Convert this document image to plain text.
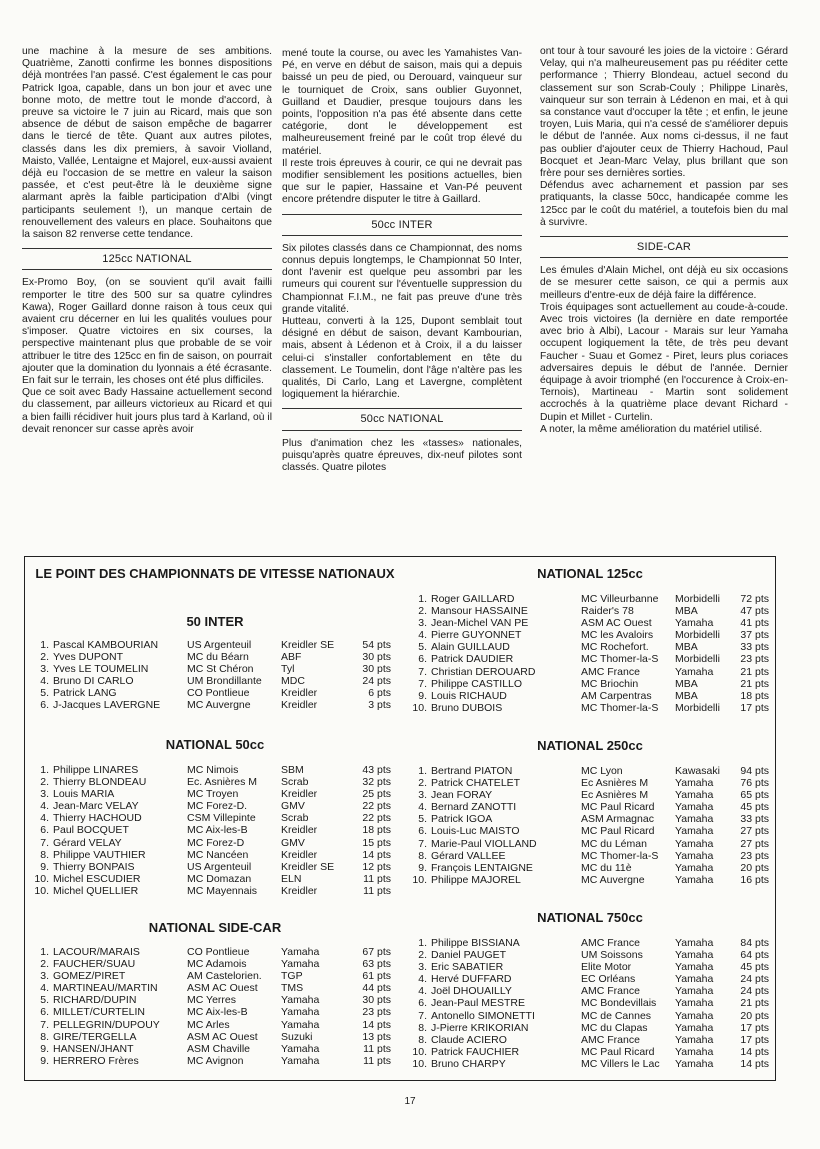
une machine à la mesure de ses ambitions. Quatrième, Zanotti confirme les bonnes dispositions déjà montrées l'an passé. C'est également le cas pour Patrick Igoa, capable, dans un bon jour et avec une bonne moto, de mettre tout le monde d'accord, à preuve sa victoire le 7 juin au Ricard, mais que son absence de début de saison empêche de bagarrer dans le tiercé de tête. Quant aux autres pilotes, classés dans les dix premiers, à savoir Violland, Maisto, Vallée, Lentaigne et Majorel, eux-aussi avaient déjà eu l'occasion de se mettre en valeur la saison passée, et c'est peut-être là le deuxième signe alarmant après la faible participation d'Albi (vingt participants seulement !), un manque certain de renouvellement des valeurs en place. Souhaitons que la saison 82 renverse cette tendance.

125cc NATIONAL

Ex-Promo Boy, (on se souvient qu'il avait failli remporter le titre des 500 sur sa quatre cylindres Kawa), Roger Gaillard donne raison à tous ceux qui avaient cru décerner en lui les qualités voulues pour s'imposer. Quatre victoires en six courses, la perspective maintenant plus que probable de se voir attribuer le titre des 125cc en fin de saison, on pourrait ajouter que la domination du lyonnais a été écrasante. En fait sur le terrain, les choses ont été plus difficiles.

Que ce soit avec Bady Hassaine actuellement second du classement, par ailleurs victorieux au Ricard et qui a bien failli récidiver huit jours plus tard à Karland, où il devait renoncer sur casse après avoir

mené toute la course, ou avec les Yamahistes Van-Pé, en verve en début de saison, mais qui a depuis baissé un peu de pied, ou Derouard, vainqueur sur le tourniquet de Croix, sans oublier Guyonnet, Guilland et Daudier, presque toujours dans les points, l'opposition n'a pas été absente dans cette catégorie, dont le développement est malheureusement freiné par le coût trop élevé du matériel.

Il reste trois épreuves à courir, ce qui ne devrait pas modifier sensiblement les positions actuelles, bien que sur le papier, Hassaine et Van-Pé peuvent encore prétendre disputer le titre à Gaillard.

50cc INTER

Six pilotes classés dans ce Championnat, des noms connus depuis longtemps, le Championnat 50 Inter, dont l'avenir est quelque peu assombri par les rumeurs qui courent sur l'éventuelle suppression du Championnat F.I.M., ne fait pas preuve d'une très grande vitalité.

Hutteau, converti à la 125, Dupont semblait tout désigné en début de saison, devant Kambourian, mais, absent à Lédenon et à Croix, il a du laisser celui-ci s'installer confortablement en tête du classement. Le Toumelin, dont l'âge n'altère pas les qualités, Di Carlo, Lang et Lavergne, complètent logiquement la hiérarchie.

50cc NATIONAL

Plus d'animation chez les «tasses» nationales, puisqu'après quatre épreuves, dix-neuf pilotes sont classés. Quatre pilotes

ont tour à tour savouré les joies de la victoire : Gérard Velay, qui n'a malheureusement pas pu rééditer cette performance ; Thierry Blondeau, actuel second du classement sur son Scrab-Couly ; Philippe Linarès, vainqueur sur son terrain à Lédenon en mai, et à qui sa constance vaut d'occuper la tête ; et enfin, le jeune troyen, Luis Maria, qui n'a cessé de s'améliorer depuis le début de l'année. Aux noms ci-dessus, il ne faut pas oublier d'ajouter ceux de Thierry Hachoud, Paul Bocquet et Jean-Marc Velay, plus brillant que son frère pour ses dernières sorties.

Défendus avec acharnement et passion par ses pratiquants, la classe 50cc, handicapée comme les 125cc par le coût du matériel, a toutefois bien du mal à survivre.

SIDE-CAR

Les émules d'Alain Michel, ont déjà eu six occasions de se mesurer cette saison, ce qui a permis aux meilleurs d'entre-eux de déjà faire la différence.

Trois équipages sont actuellement au coude-à-coude. Avec trois victoires (la dernière en date remportée avec brio à Albi), Lacour - Marais sur leur Yamaha occupent logiquement la tête, de très peu devant Faucher - Suau et Gomez - Piret, leurs plus coriaces adversaires depuis le début de l'année. Dernier équipage à avoir triomphé (en l'occurence à Croix-en-Ternois), Martineau - Martin sont solidement accrochés à la quatrième place devant Richard - Dupin et Millet - Curtelin.

A noter, la même amélioration du matériel utilisé.

LE POINT DES CHAMPIONNATS DE VITESSE NATIONAUX
50 INTER
1. Pascal KAMBOURIAN	US Argenteuil	Kreidler SE	54 pts
2. Yves DUPONT	MC du Béarn	ABF	30 pts
3. Yves LE TOUMELIN	MC St Chéron	Tyl	30 pts
4. Bruno DI CARLO	UM Brondillante	MDC	24 pts
5. Patrick LANG	CO Pontlieue	Kreidler	6 pts
6. J-Jacques LAVERGNE	MC Auvergne	Kreidler	3 pts
NATIONAL 50cc
1. Philippe LINARES	MC Nimois	SBM	43 pts
2. Thierry BLONDEAU	Ec. Asnières M	Scrab	32 pts
3. Louis MARIA	MC Troyen	Kreidler	25 pts
4. Jean-Marc VELAY	MC Forez-D.	GMV	22 pts
4. Thierry HACHOUD	CSM Villepinte	Scrab	22 pts
6. Paul BOCQUET	MC Aix-les-B	Kreidler	18 pts
7. Gérard VELAY	MC Forez-D	GMV	15 pts
8. Philippe VAUTHIER	MC Nancéen	Kreidler	14 pts
9. Thierry BONPAIS	US Argenteuil	Kreidler SE	12 pts
10. Michel ESCUDIER	MC Domazan	ELN	11 pts
10. Michel QUELLIER	MC Mayennais	Kreidler	11 pts
NATIONAL SIDE-CAR
1. LACOUR/MARAIS	CO Pontlieue	Yamaha	67 pts
2. FAUCHER/SUAU	MC Adamois	Yamaha	63 pts
3. GOMEZ/PIRET	AM Castelorien.	TGP	61 pts
4. MARTINEAU/MARTIN	ASM AC Ouest	TMS	44 pts
5. RICHARD/DUPIN	MC Yerres	Yamaha	30 pts
6. MILLET/CURTELIN	MC Aix-les-B	Yamaha	23 pts
7. PELLEGRIN/DUPOUY	MC Arles	Yamaha	14 pts
8. GIRE/TERGELLA	ASM AC Ouest	Suzuki	13 pts
9. HANSEN/JHANT	ASM Chaville	Yamaha	11 pts
9. HERRERO Frères	MC Avignon	Yamaha	11 pts
NATIONAL 125cc
1. Roger GAILLARD	MC Villeurbanne	Morbidelli	72 pts
2. Mansour HASSAINE	Raider's 78	MBA	47 pts
3. Jean-Michel VAN PE	ASM AC Ouest	Yamaha	41 pts
4. Pierre GUYONNET	MC les Avaloirs	Morbidelli	37 pts
5. Alain GUILLAUD	MC Rochefort.	MBA	33 pts
6. Patrick DAUDIER	MC Thomer-la-S	Morbidelli	23 pts
7. Christian DEROUARD	AMC France	Yamaha	21 pts
7. Philippe CASTILLO	MC Briochin	MBA	21 pts
9. Louis RICHAUD	AM Carpentras	MBA	18 pts
10. Bruno DUBOIS	MC Thomer-la-S	Morbidelli	17 pts
NATIONAL 250cc
1. Bertrand PIATON	MC Lyon	Kawasaki	94 pts
2. Patrick CHATELET	Ec Asnières M	Yamaha	76 pts
3. Jean FORAY	Ec Asnières M	Yamaha	65 pts
4. Bernard ZANOTTI	MC Paul Ricard	Yamaha	45 pts
5. Patrick IGOA	ASM Armagnac	Yamaha	33 pts
6. Louis-Luc MAISTO	MC Paul Ricard	Yamaha	27 pts
7. Marie-Paul VIOLLAND	MC du Léman	Yamaha	27 pts
8. Gérard VALLEE	MC Thomer-la-S	Yamaha	23 pts
9. François LENTAIGNE	MC du 11è	Yamaha	20 pts
10. Philippe MAJOREL	MC Auvergne	Yamaha	16 pts
NATIONAL 750cc
1. Philippe BISSIANA	AMC France	Yamaha	84 pts
2. Daniel PAUGET	UM Soissons	Yamaha	64 pts
3. Eric SABATIER	Elite Motor	Yamaha	45 pts
4. Hervé DUFFARD	EC Orléans	Yamaha	24 pts
4. Joël DHOUAILLY	AMC France	Yamaha	24 pts
6. Jean-Paul MESTRE	MC Bondevillais	Yamaha	21 pts
7. Antonello SIMONETTI	MC de Cannes	Yamaha	20 pts
8. J-Pierre KRIKORIAN	MC du Clapas	Yamaha	17 pts
8. Claude ACIERO	AMC France	Yamaha	17 pts
10. Patrick FAUCHIER	MC Paul Ricard	Yamaha	14 pts
10. Bruno CHARPY	MC Villers le Lac	Yamaha	14 pts
17
